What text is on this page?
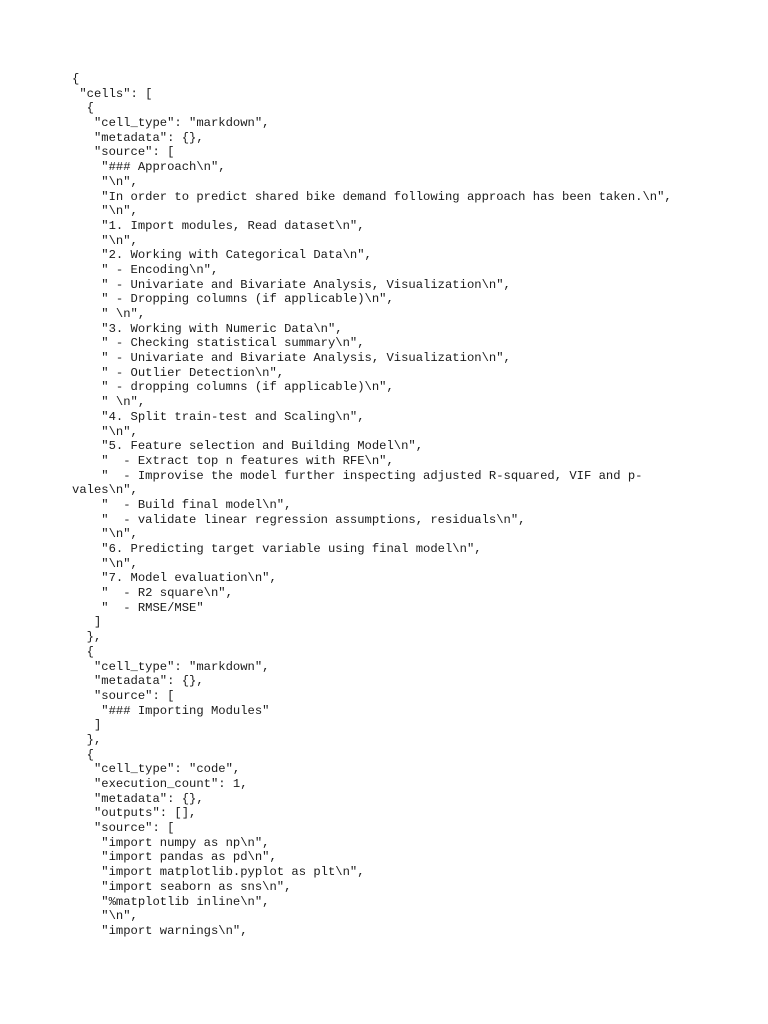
{
"cells": [
{
"cell_type": "markdown",
"metadata": {},
"source": [
"### Approach\n",
"\n",
"In order to predict shared bike demand following approach has been taken.\n",
"\n",
"1. Import modules, Read dataset\n",
"\n",
"2. Working with Categorical Data\n",
" - Encoding\n",
" - Univariate and Bivariate Analysis, Visualization\n",
" - Dropping columns (if applicable)\n",
" \n",
"3. Working with Numeric Data\n",
" - Checking statistical summary\n",
" - Univariate and Bivariate Analysis, Visualization\n",
" - Outlier Detection\n",
" - dropping columns (if applicable)\n",
" \n",
"4. Split train-test and Scaling\n",
"\n",
"5. Feature selection and Building Model\n",
"  - Extract top n features with RFE\n",
"  - Improvise the model further inspecting adjusted R-squared, VIF and p-
vales\n",
"  - Build final model\n",
"  - validate linear regression assumptions, residuals\n",
"\n",
"6. Predicting target variable using final model\n",
"\n",
"7. Model evaluation\n",
"  - R2 square\n",
"  - RMSE/MSE"
]
},
{
"cell_type": "markdown",
"metadata": {},
"source": [
"### Importing Modules"
]
},
{
"cell_type": "code",
"execution_count": 1,
"metadata": {},
"outputs": [],
"source": [
"import numpy as np\n",
"import pandas as pd\n",
"import matplotlib.pyplot as plt\n",
"import seaborn as sns\n",
"%matplotlib inline\n",
"\n",
"import warnings\n",
